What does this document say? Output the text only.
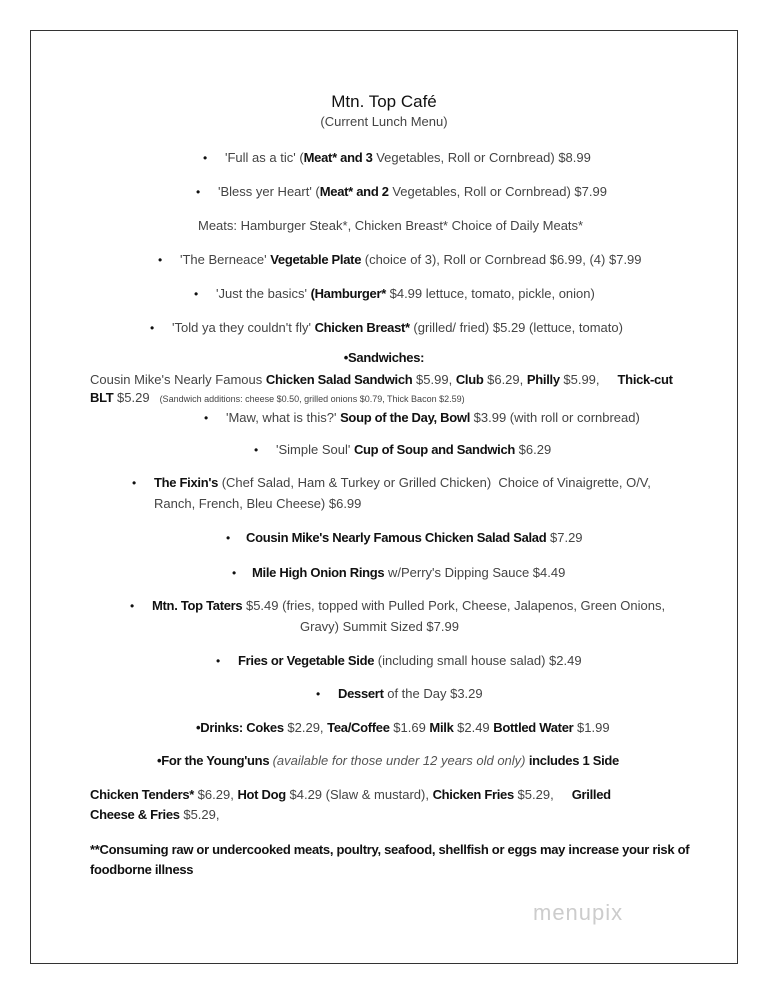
Mtn. Top Café
(Current Lunch Menu)
• 'Full as a tic' (Meat* and 3 Vegetables, Roll or Cornbread) $8.99
• 'Bless yer Heart' (Meat* and 2 Vegetables, Roll or Cornbread) $7.99
Meats: Hamburger Steak*, Chicken Breast* Choice of Daily Meats*
• 'The Berneace' Vegetable Plate (choice of 3), Roll or Cornbread $6.99, (4) $7.99
• 'Just the basics' (Hamburger* $4.99 lettuce, tomato, pickle, onion)
• 'Told ya they couldn't fly' Chicken Breast* (grilled/ fried) $5.29 (lettuce, tomato)
•Sandwiches:
Cousin Mike's Nearly Famous Chicken Salad Sandwich $5.99, Club $6.29, Philly $5.99, Thick-cut
BLT $5.29    (Sandwich additions: cheese $0.50, grilled onions $0.79, Thick Bacon $2.59)
• 'Maw, what is this?' Soup of the Day, Bowl $3.99 (with roll or cornbread)
• 'Simple Soul' Cup of Soup and Sandwich $6.29
• The Fixin's (Chef Salad, Ham & Turkey or Grilled Chicken)  Choice of Vinaigrette, O/V,
Ranch, French, Bleu Cheese) $6.99
• Cousin Mike's Nearly Famous Chicken Salad Salad $7.29
• Mile High Onion Rings w/Perry's Dipping Sauce $4.49
• Mtn. Top Taters $5.49 (fries, topped with Pulled Pork, Cheese, Jalapenos, Green Onions,
Gravy) Summit Sized $7.99
• Fries or Vegetable Side (including small house salad) $2.49
• Dessert of the Day $3.29
•Drinks: Cokes $2.29, Tea/Coffee $1.69 Milk $2.49 Bottled Water $1.99
•For the Young'uns (available for those under 12 years old only) includes 1 Side
Chicken Tenders* $6.29, Hot Dog $4.29 (Slaw & mustard), Chicken Fries $5.29, Grilled
Cheese & Fries $5.29,
**Consuming raw or undercooked meats, poultry, seafood, shellfish or eggs may increase your risk of
foodborne illness
menupix
